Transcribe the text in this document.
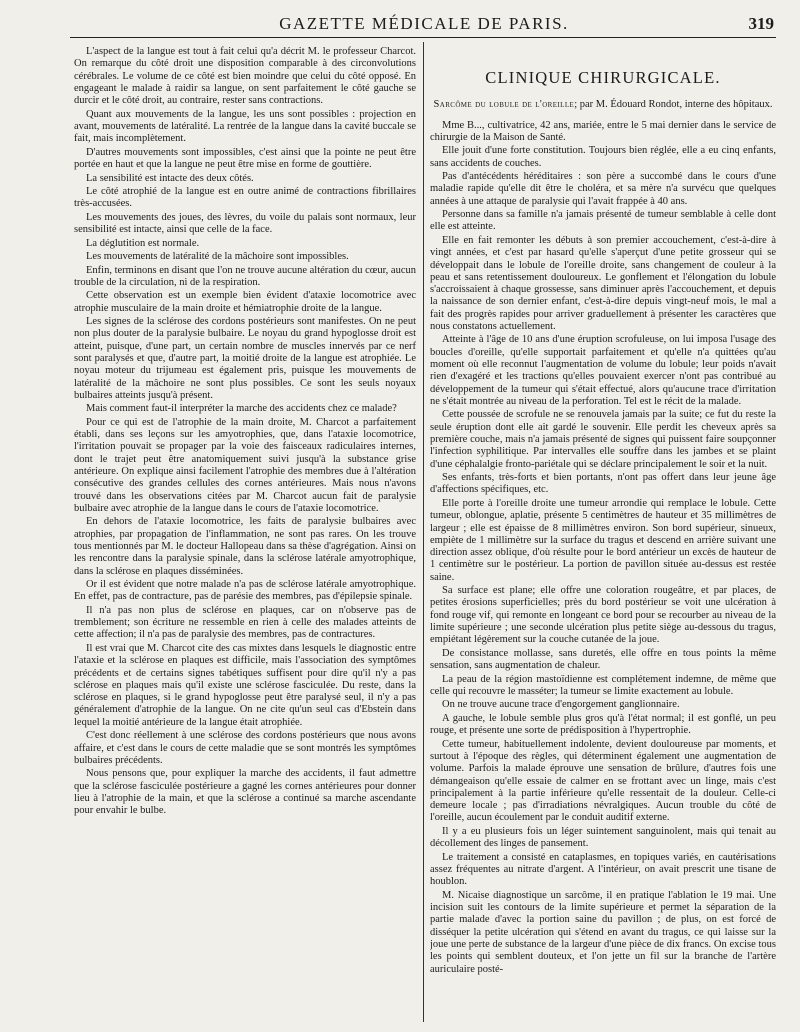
GAZETTE MÉDICALE DE PARIS.	319

L'aspect de la langue est tout à fait celui qu'a décrit M. le professeur Charcot. On remarque du côté droit une disposition comparable à des circonvolutions cérébrales. Le volume de ce côté est bien moindre que celui du côté opposé. En engageant le malade à raidir sa langue, on sent parfaitement le côté gauche se durcir et le côté droit, au contraire, rester sans contractions.

Quant aux mouvements de la langue, les uns sont possibles : projection en avant, mouvements de latéralité. La rentrée de la langue dans la cavité buccale se fait, mais incomplètement.

D'autres mouvements sont impossibles, c'est ainsi que la pointe ne peut être portée en haut et que la langue ne peut être mise en forme de gouttière.

La sensibilité est intacte des deux côtés.

Le côté atrophié de la langue est en outre animé de contractions fibrillaires très-accusées.

Les mouvements des joues, des lèvres, du voile du palais sont normaux, leur sensibilité est intacte, ainsi que celle de la face.

La déglutition est normale.

Les mouvements de latéralité de la mâchoire sont impossibles.

Enfin, terminons en disant que l'on ne trouve aucune altération du cœur, aucun trouble de la circulation, ni de la respiration.

Cette observation est un exemple bien évident d'ataxie locomotrice avec atrophie musculaire de la main droite et hémiatrophie droite de la langue.

Les signes de la sclérose des cordons postérieurs sont manifestes. On ne peut non plus douter de la paralysie bulbaire. Le noyau du grand hypoglosse droit est atteint, puisque, d'une part, un certain nombre de muscles innervés par ce nerf sont paralysés et que, d'autre part, la moitié droite de la langue est atrophiée. Le noyau moteur du trijumeau est également pris, puisque les mouvements de latéralité de la mâchoire ne sont plus possibles. Ce sont les seuls noyaux bulbaires atteints jusqu'à présent.

Mais comment faut-il interpréter la marche des accidents chez ce malade?

Pour ce qui est de l'atrophie de la main droite, M. Charcot a parfaitement établi, dans ses leçons sur les amyotrophies, que, dans l'ataxie locomotrice, l'irritation pouvait se propager par la voie des faisceaux radiculaires internes, dont le trajet peut être anatomiquement suivi jusqu'à la substance grise antérieure. On explique ainsi facilement l'atrophie des membres due à l'altération consécutive des grandes cellules des cornes antérieures. Mais nous n'avons trouvé dans les observations citées par M. Charcot aucun fait de paralysie bulbaire avec atrophie de la langue dans le cours de l'ataxie locomotrice.

En dehors de l'ataxie locomotrice, les faits de paralysie bulbaires avec atrophies, par propagation de l'inflammation, ne sont pas rares. On les trouve tous mentionnés par M. le docteur Hallopeau dans sa thèse d'agrégation. Ainsi on les rencontre dans la paralysie spinale, dans la sclérose latérale amyotrophique, dans la sclérose en plaques disséminées.

Or il est évident que notre malade n'a pas de sclérose latérale amyotrophique. En effet, pas de contracture, pas de parésie des membres, pas d'épilepsie spinale.

Il n'a pas non plus de sclérose en plaques, car on n'observe pas de tremblement; son écriture ne ressemble en rien à celle des malades atteints de cette affection; il n'a pas de paralysie des membres, pas de contractures.

Il est vrai que M. Charcot cite des cas mixtes dans lesquels le diagnostic entre l'ataxie et la sclérose en plaques est difficile, mais l'association des symptômes précédents et de certains signes tabétiques suffisent pour dire qu'il n'y a pas sclérose en plaques mais qu'il existe une sclérose fasciculée. Du reste, dans la sclérose en plaques, si le grand hypoglosse peut être paralysé seul, il n'y a pas généralement d'atrophie de la langue. On ne cite qu'un seul cas d'Ebstein dans lequel la moitié antérieure de la langue était atrophiée.

C'est donc réellement à une sclérose des cordons postérieurs que nous avons affaire, et c'est dans le cours de cette maladie que se sont montrés les symptômes bulbaires précédents.

Nous pensons que, pour expliquer la marche des accidents, il faut admettre que la sclérose fasciculée postérieure a gagné les cornes antérieures pour donner lieu à l'atrophie de la main, et que la sclérose a continué sa marche ascendante pour envahir le bulbe.

CLINIQUE CHIRURGICALE.
Sarcôme du lobule de l'oreille; par M. Édouard Rondot, interne des hôpitaux.

Mme B..., cultivatrice, 42 ans, mariée, entre le 5 mai dernier dans le service de chirurgie de la Maison de Santé.

Elle jouit d'une forte constitution. Toujours bien réglée, elle a eu cinq enfants, sans accidents de couches.

Pas d'antécédents héréditaires : son père a succombé dans le cours d'une maladie rapide qu'elle dit être le choléra, et sa mère n'a survécu que quelques années à une attaque de paralysie qui l'avait frappée à 40 ans.

Personne dans sa famille n'a jamais présenté de tumeur semblable à celle dont elle est atteinte.

Elle en fait remonter les débuts à son premier accouchement, c'est-à-dire à vingt années, et c'est par hasard qu'elle s'aperçut d'une petite grosseur qui se développait dans le lobule de l'oreille droite, sans changement de couleur à la peau et sans retentissement douloureux. Le gonflement et l'élongation du lobule s'accroissaient à chaque grossesse, sans diminuer après l'accouchement, et depuis la naissance de son dernier enfant, c'est-à-dire depuis vingt-neuf mois, le mal a fait des progrès rapides pour arriver graduellement à présenter les caractères que nous constatons actuellement.

Atteinte à l'âge de 10 ans d'une éruption scrofuleuse, on lui imposa l'usage des boucles d'oreille, qu'elle supportait parfaitement et qu'elle n'a quittées qu'au moment où elle reconnut l'augmentation de volume du lobule; leur poids n'avait rien d'exagéré et les tractions qu'elles pouvaient exercer n'ont pas contribué au développement de la tumeur qui s'était effectué, alors qu'aucune trace d'irritation ne s'était montrée au niveau de la perforation. Tel est le récit de la malade.

Cette poussée de scrofule ne se renouvela jamais par la suite; ce fut du reste la seule éruption dont elle ait gardé le souvenir. Elle perdit les cheveux après sa première couche, mais n'a jamais présenté de signes qui puissent faire soupçonner l'infection syphilitique. Par intervalles elle souffre dans les jambes et se plaint d'une céphalalgie fronto-pariétale qui se déclare principalement le soir et la nuit.

Ses enfants, très-forts et bien portants, n'ont pas offert dans leur jeune âge d'affections spécifiques, etc.

Elle porte à l'oreille droite une tumeur arrondie qui remplace le lobule. Cette tumeur, oblongue, aplatie, présente 5 centimètres de hauteur et 35 millimètres de largeur ; elle est épaisse de 8 millimètres environ. Son bord supérieur, sinueux, empiète de 1 millimètre sur la surface du tragus et descend en arrière suivant une direction assez oblique, d'où résulte pour le bord antérieur un excès de hauteur de 1 centimètre sur le postérieur. La portion de pavillon située au-dessus est restée saine.

Sa surface est plane; elle offre une coloration rougeâtre, et par places, de petites érosions superficielles; près du bord postérieur se voit une ulcération à fond rouge vif, qui remonte en longeant ce bord pour se recourber au niveau de la limite supérieure ; une seconde ulcération plus petite siège au-dessous du tragus, empiétant légèrement sur la couche cutanée de la joue.

De consistance mollasse, sans duretés, elle offre en tous points la même sensation, sans augmentation de chaleur.

La peau de la région mastoïdienne est complétement indemne, de même que celle qui recouvre le masséter; la tumeur se limite exactement au lobule.

On ne trouve aucune trace d'engorgement ganglionnaire.

A gauche, le lobule semble plus gros qu'à l'état normal; il est gonflé, un peu rouge, et présente une sorte de prédisposition à l'hypertrophie.

Cette tumeur, habituellement indolente, devient douloureuse par moments, et surtout à l'époque des règles, qui déterminent également une augmentation de volume. Parfois la malade éprouve une sensation de brûlure, d'autres fois une démangeaison qu'elle essaie de calmer en se frottant avec un linge, mais c'est principalement à la partie inférieure qu'elle ressentait de la douleur. Celle-ci demeure locale ; pas d'irradiations névralgiques. Aucun trouble du côté de l'oreille, aucun écoulement par le conduit auditif externe.

Il y a eu plusieurs fois un léger suintement sanguinolent, mais qui tenait au décollement des linges de pansement.

Le traitement a consisté en cataplasmes, en topiques variés, en cautérisations assez fréquentes au nitrate d'argent. A l'intérieur, on avait prescrit une tisane de houblon.

M. Nicaise diagnostique un sarcôme, il en pratique l'ablation le 19 mai. Une incision suit les contours de la limite supérieure et permet la séparation de la partie malade d'avec la portion saine du pavillon ; de plus, on est forcé de disséquer la petite ulcération qui s'étend en avant du tragus, ce qui laisse sur la joue une perte de substance de la largeur d'une pièce de dix francs. On excise tous les points qui semblent douteux, et l'on jette un fil sur la branche de l'artère auriculaire posté-
